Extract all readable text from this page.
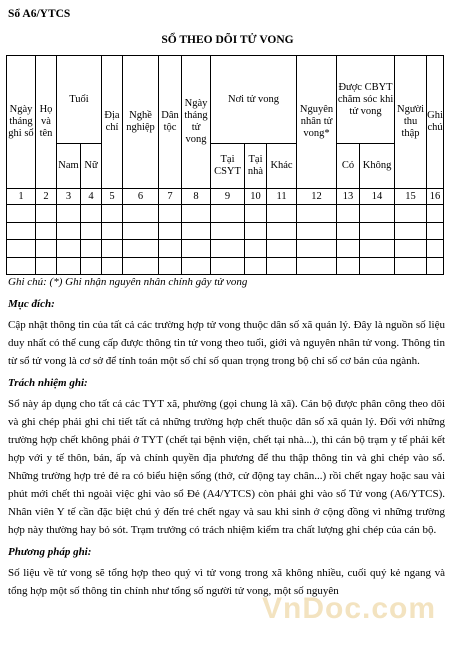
Sổ A6/YTCS
SỔ THEO DÕI TỬ VONG
Ngày tháng ghi sổ	Họ và tên	Tuổi		Địa chỉ	Nghề nghiệp	Dân tộc	Ngày tháng tử vong	Nơi tử vong			Nguyên nhân tử vong*	Được CBYT chăm sóc khi tử vong		Người thu thập	Ghi chú
		Nam	Nữ					Tại CSYT	Tại nhà	Khác		Có	Không		
1	2	3	4	5	6	7	8	9	10	11	12	13	14	15	16

Ghi chú: (*) Ghi nhận nguyên nhân chính gây tử vong
Mục đích:
Cập nhật thông tin của tất cả các trường hợp tử vong thuộc dân số xã quản lý. Đây là nguồn số liệu duy nhất có thể cung cấp được thông tin tử vong theo tuổi, giới và nguyên nhân tử vong. Thông tin từ sổ tử vong là cơ sở để tính toán một số chỉ số quan trọng trong bộ chỉ số cơ bản của ngành.
Trách nhiệm ghi:
Sổ này áp dụng cho tất cả các TYT xã, phường (gọi chung là xã). Cán bộ được phân công theo dõi và ghi chép phải ghi chi tiết tất cả những trường hợp chết thuộc dân số xã quản lý. Đối với những trường hợp chết không phải ở TYT (chết tại bệnh viện, chết tại nhà...), thì cán bộ trạm y tế phải kết hợp với y tế thôn, bản, ấp và chính quyền địa phương để thu thập thông tin và ghi chép vào sổ. Những trường hợp trẻ đẻ ra có biểu hiện sống (thở, cử động tay chân...) rồi chết ngay hoặc sau vài phút mới chết thì ngoài việc ghi vào sổ Đẻ (A4/YTCS) còn phải ghi vào sổ Tử vong (A6/YTCS). Nhân viên Y tế cần đặc biệt chú ý đến trẻ chết ngay và sau khi sinh ở cộng đồng vì những trường hợp này thường hay bỏ sót. Trạm trưởng có trách nhiệm kiểm tra chất lượng ghi chép của cán bộ.
Phương pháp ghi:
Số liệu về tử vong sẽ tổng hợp theo quý vì tử vong trong xã không nhiều, cuối quý kẻ ngang và tổng hợp một số thông tin chính như tổng số người tử vong, một số nguyên
VnDoc.com
